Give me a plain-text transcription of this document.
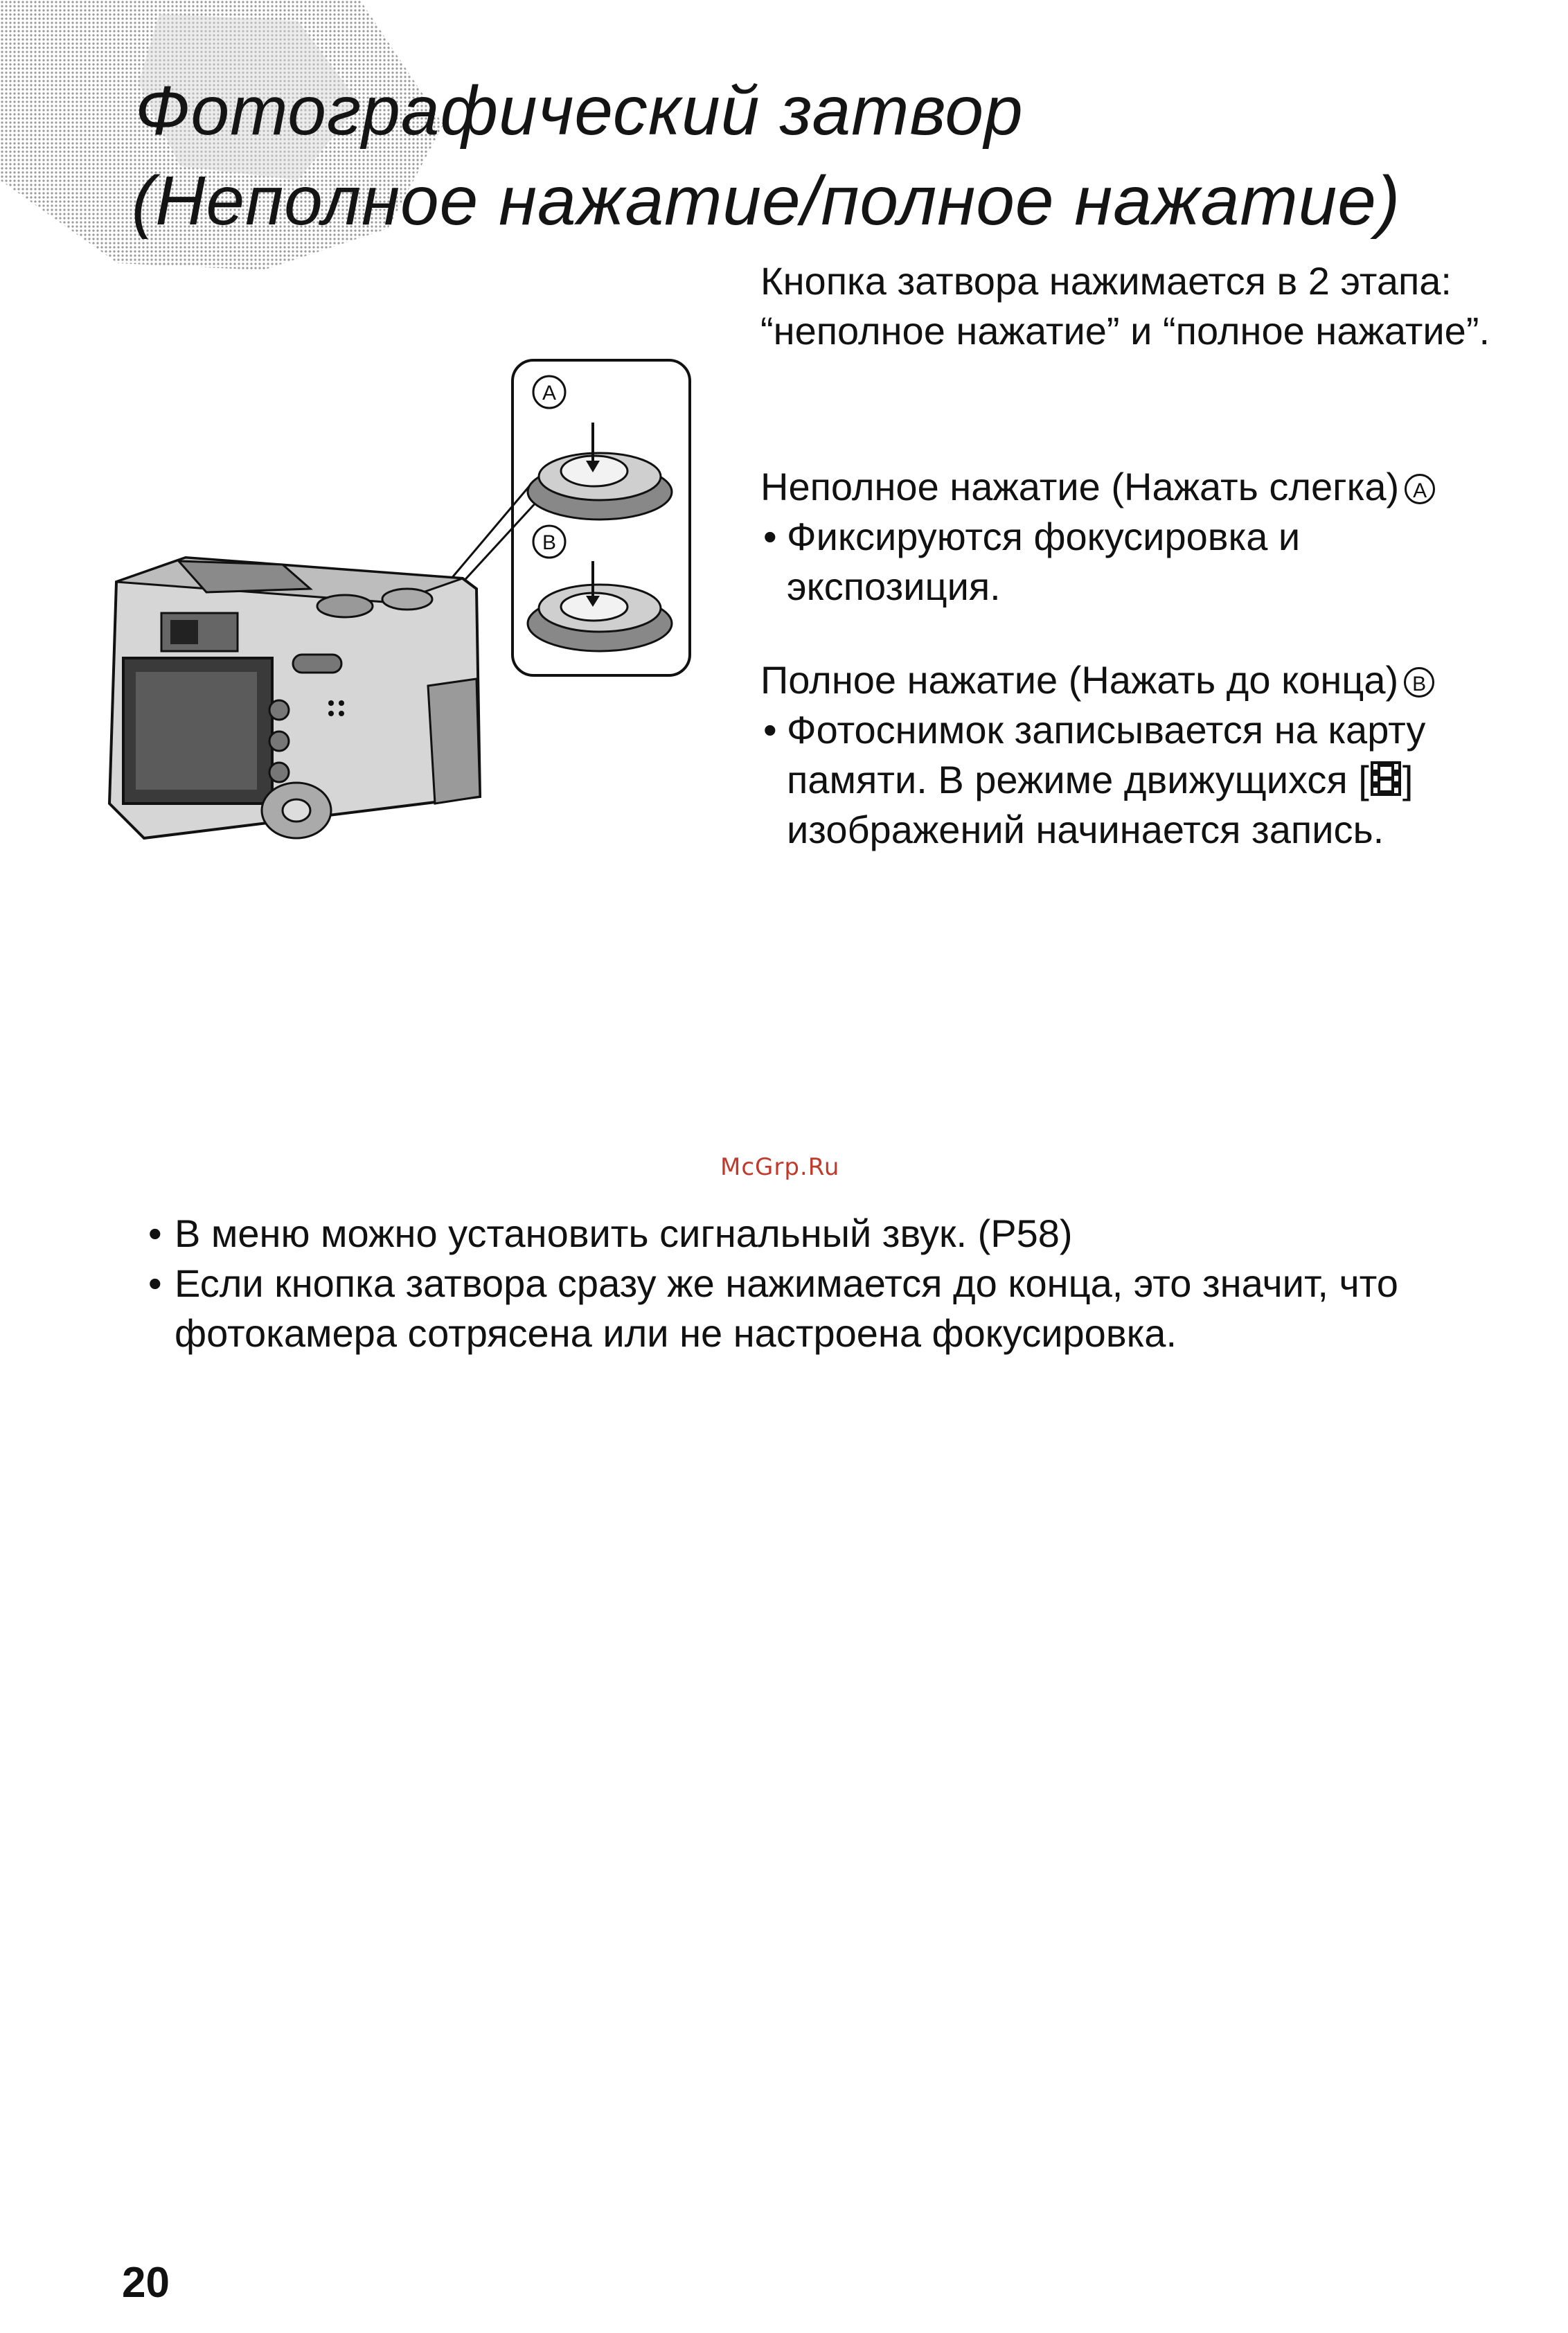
Фотографический затвор
(Неполное нажатие/полное нажатие)
A
B

Кнопка затвора нажимается в 2 этапа: “неполное нажатие” и “полное нажатие”.

Неполное нажатие (Нажать слегка) A

• Фиксируются фокусировка и экспозиция.

Полное нажатие (Нажать до конца) B

• Фотоснимок записывается на карту памяти. В режиме движущихся [ ] изображений начинается запись.
McGrp.Ru
• В меню можно установить сигнальный звук. (P58)
• Если кнопка затвора сразу же нажимается до конца, это значит, что фотокамера сотрясена или не настроена фокусировка.
20
